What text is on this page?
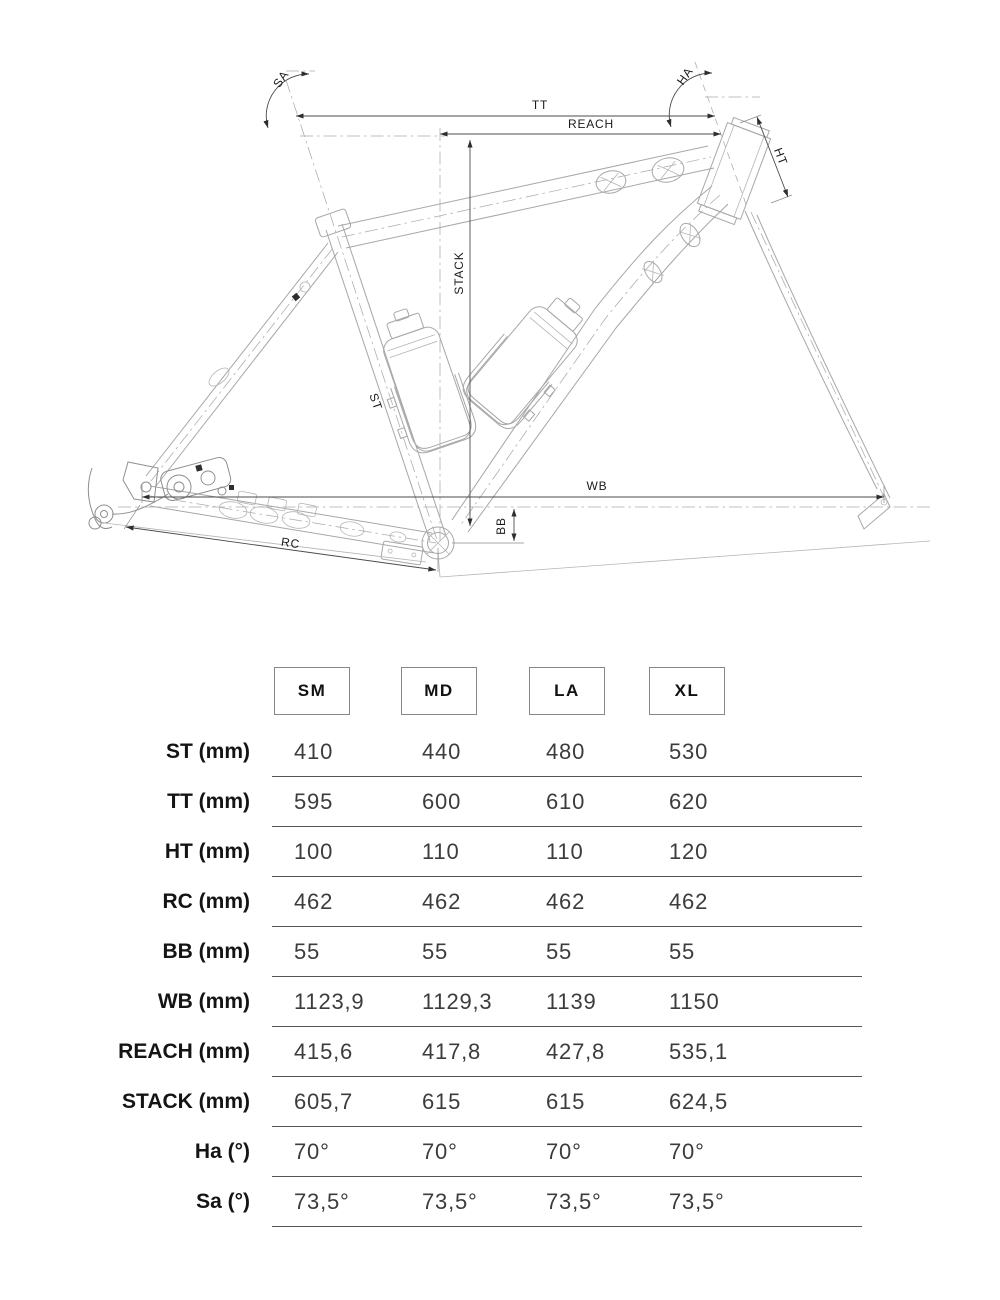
TT
REACH
STACK
ST
HT
WB
BB
RC
SA	HA
SM	MD	LA	XL
ST (mm)	410	440	480	530
TT (mm)	595	600	610	620
HT (mm)	100	110	110	120
RC (mm)	462	462	462	462
BB (mm)	55	55	55	55
WB (mm)	1123,9	1129,3	1139	1150
REACH (mm)	415,6	417,8	427,8	535,1
STACK (mm)	605,7	615	615	624,5
Ha (°)	70°	70°	70°	70°
Sa (°)	73,5°	73,5°	73,5°	73,5°
